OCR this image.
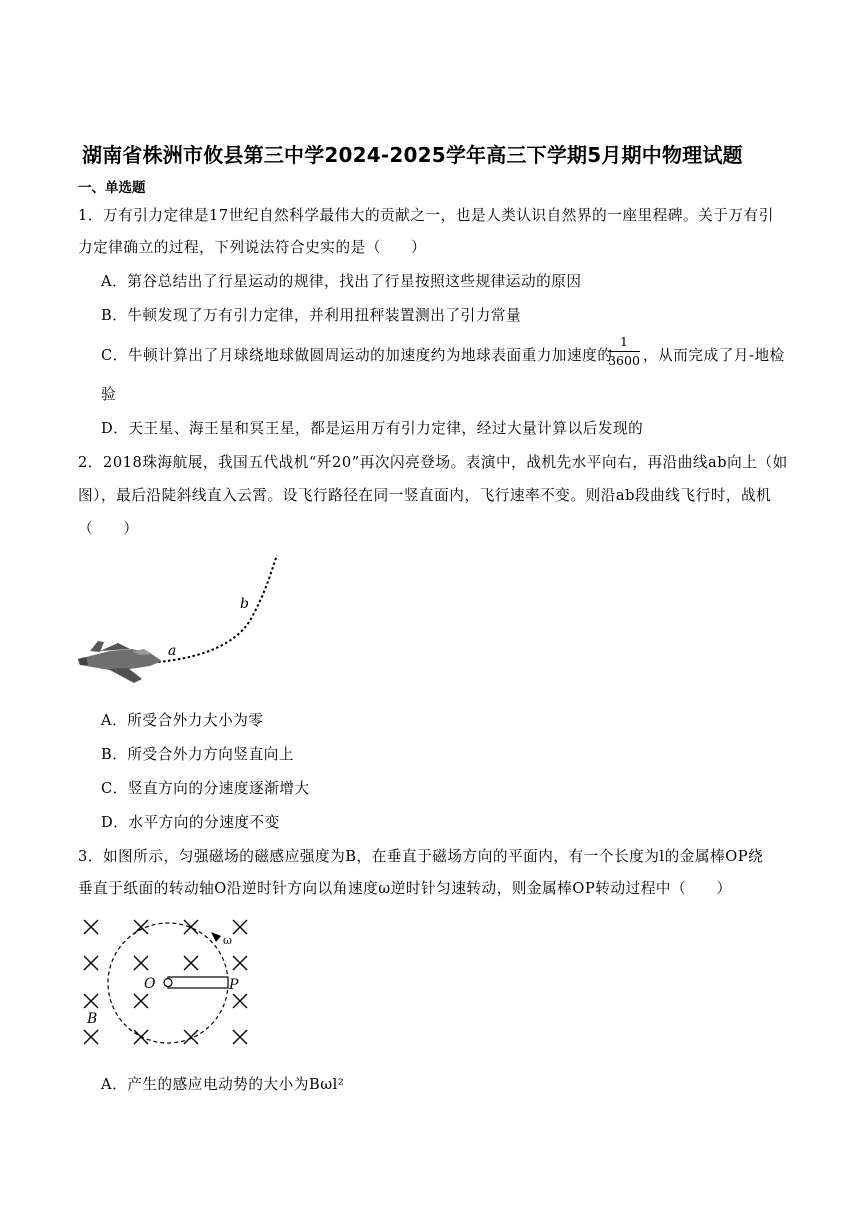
湖南省株洲市攸县第三中学2024-2025学年高三下学期5月期中物理试题
一、单选题
1．万有引力定律是17世纪自然科学最伟大的贡献之一，也是人类认识自然界的一座里程碑。关于万有引
力定律确立的过程，下列说法符合史实的是（　　）
A．第谷总结出了行星运动的规律，找出了行星按照这些规律运动的原因
B．牛顿发现了万有引力定律，并利用扭秤装置测出了引力常量
C．牛顿计算出了月球绕地球做圆周运动的加速度约为地球表面重力加速度的
1
3600 ，从而完成了月-地检
验
D．天王星、海王星和冥王星，都是运用万有引力定律，经过大量计算以后发现的
2．2018珠海航展，我国五代战机“歼20”再次闪亮登场。表演中，战机先水平向右，再沿曲线ab向上（如
图），最后沿陡斜线直入云霄。设飞行路径在同一竖直面内，飞行速率不变。则沿ab段曲线飞行时，战机
（　　）
b
a
A．所受合外力大小为零
B．所受合外力方向竖直向上
C．竖直方向的分速度逐渐增大
D．水平方向的分速度不变
3．如图所示，匀强磁场的磁感应强度为B，在垂直于磁场方向的平面内，有一个长度为l的金属棒OP绕
垂直于纸面的转动轴O沿逆时针方向以角速度ω逆时针匀速转动，则金属棒OP转动过程中（　　）
O	P
B
ω
A．产生的感应电动势的大小为Bωl²
